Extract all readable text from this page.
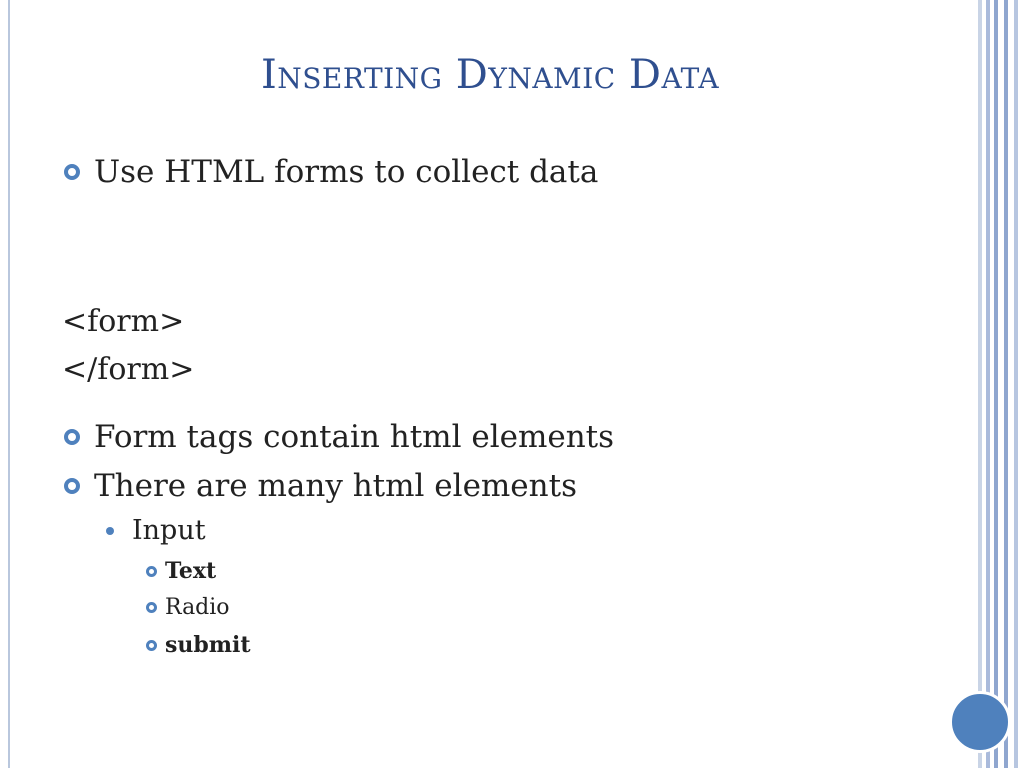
Inserting Dynamic Data
Use HTML forms to collect data
<form>
</form>
Form tags contain html elements
There are many html elements
Input
Text
Radio
submit
